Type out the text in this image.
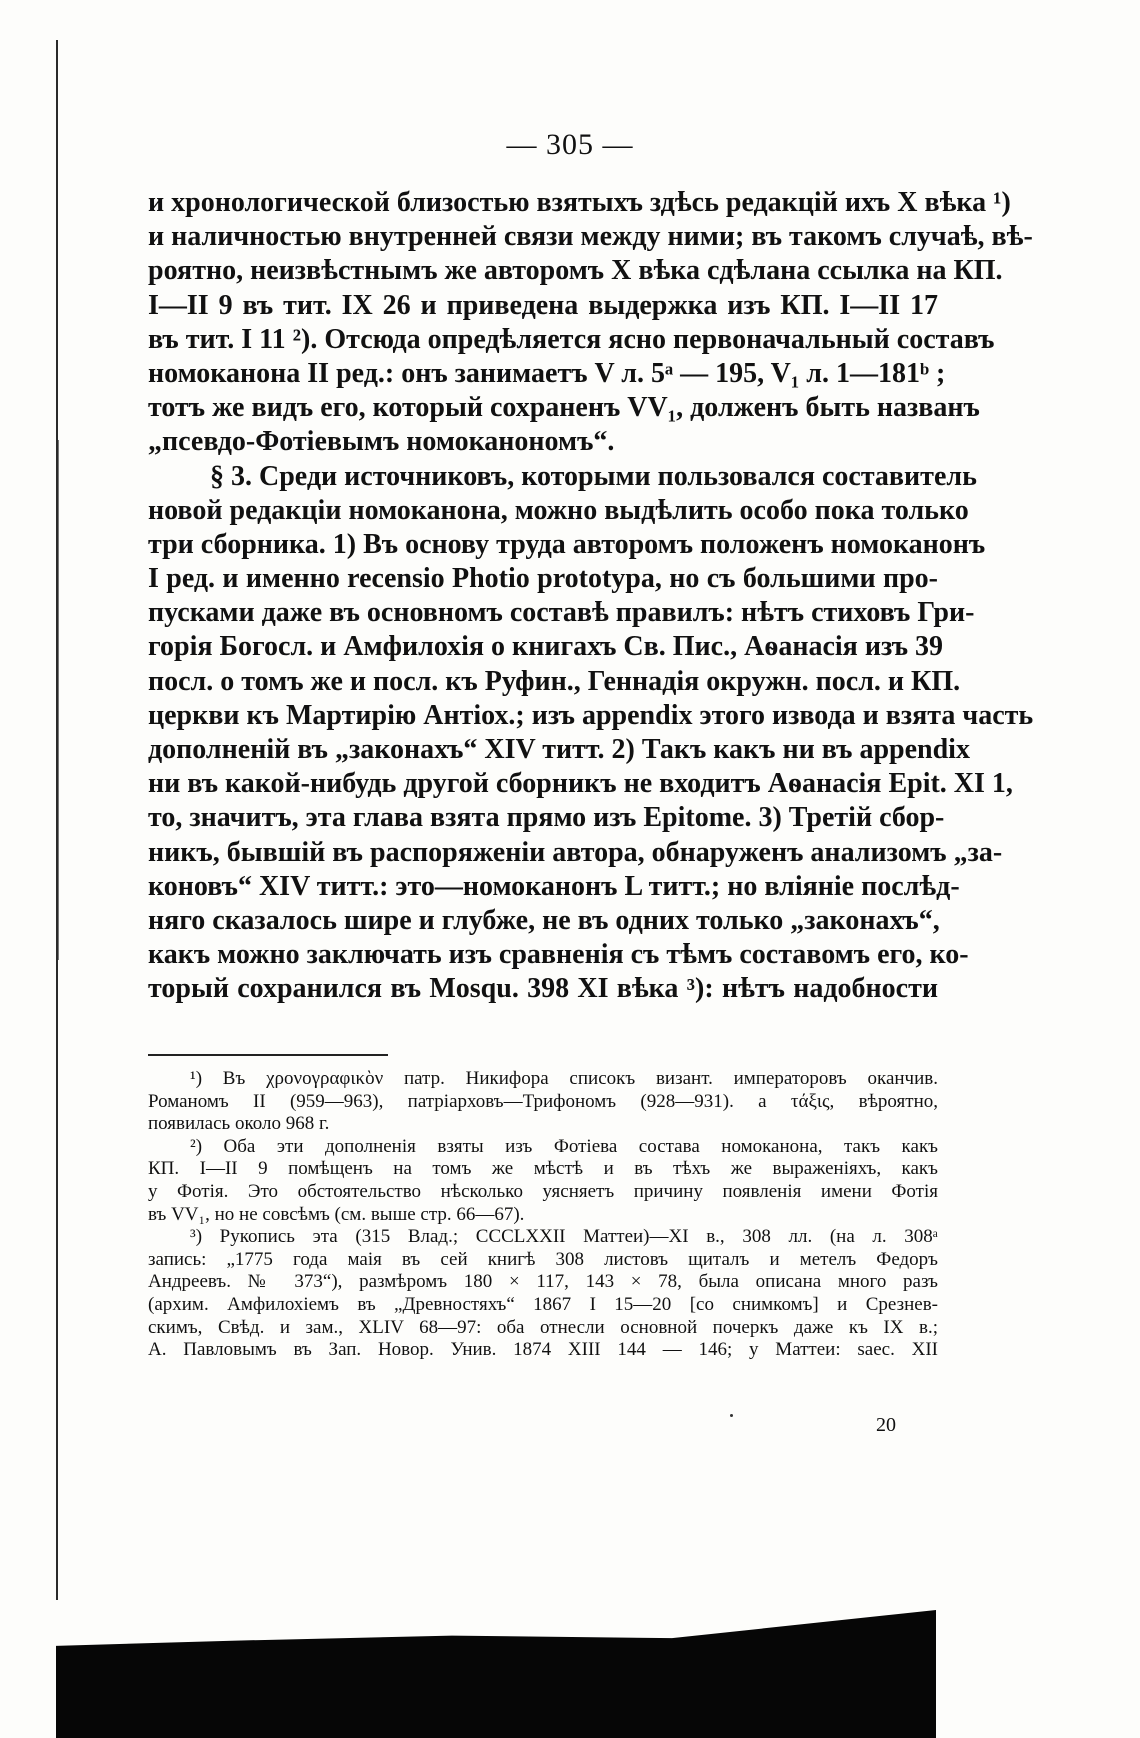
— 305 —
и хронологической близостью взятыхъ здѣсь редакцій ихъ X вѣка ¹)
и наличностью внутренней связи между ними; въ такомъ случаѣ, вѣ-
роятно, неизвѣстнымъ же авторомъ X вѣка сдѣлана ссылка на КП.
I—II 9 въ тит. IX 26 и приведена выдержка изъ КП. I—II 17
въ тит. I 11 ²). Отсюда опредѣляется ясно первоначальный составъ
номоканона II ред.: онъ занимаетъ V л. 5ᵃ — 195, V₁ л. 1—181ᵇ ;
тотъ же видъ его, который сохраненъ VV₁, долженъ быть названъ
„псевдо-Фотіевымъ номоканономъ“.
§ 3. Среди источниковъ, которыми пользовался составитель
новой редакціи номоканона, можно выдѣлить особо пока только
три сборника. 1) Въ основу труда авторомъ положенъ номоканонъ
I ред. и именно recensio Photio prototypa, но съ большими про-
пусками даже въ основномъ составѣ правилъ: нѣтъ стиховъ Гри-
горія Богосл. и Амфилохія о книгахъ Св. Пис., Аѳанасія изъ 39
посл. о томъ же и посл. къ Руфин., Геннадія окружн. посл. и КП.
церкви къ Мартирію Антіох.; изъ appendix этого извода и взята часть
дополненій въ „законахъ“ XIV титт. 2) Такъ какъ ни въ appendix
ни въ какой-нибудь другой сборникъ не входитъ Аѳанасія Epit. XI 1,
то, значитъ, эта глава взята прямо изъ Epitome. 3) Третій сбор-
никъ, бывшій въ распоряженіи автора, обнаруженъ анализомъ „за-
коновъ“ XIV титт.: это—номоканонъ L титт.; но вліяніе послѣд-
няго сказалось шире и глубже, не въ одних только „законахъ“,
какъ можно заключать изъ сравненія съ тѣмъ составомъ его, ко-
торый сохранился въ Mosqu. 398 XI вѣка ³): нѣтъ надобности
¹) Въ χρονογραφικὸν патр. Никифора списокъ визант. императоровъ оканчив.
Романомъ II (959—963), патріарховъ—Трифономъ (928—931). а τάξις, вѣроятно,
появилась около 968 г.
²) Оба эти дополненія взяты изъ Фотіева состава номоканона, такъ какъ
КП. I—II 9 помѣщенъ на томъ же мѣстѣ и въ тѣхъ же выраженіяхъ, какъ
у Фотія. Это обстоятельство нѣсколько уясняетъ причину появленія имени Фотія
въ VV₁, но не совсѣмъ (см. выше стр. 66—67).
³) Рукопись эта (315 Влад.; CCCLXXII Маттеи)—XI в., 308 лл. (на л. 308ᵃ
запись: „1775 года маія въ сей книгѣ 308 листовъ щиталъ и метелъ Федоръ
Андреевъ. № 373“), размѣромъ 180 × 117, 143 × 78, была описана много разъ
(архим. Амфилохіемъ въ „Древностяхъ“ 1867 I 15—20 [со снимкомъ] и Срезнев-
скимъ, Свѣд. и зам., XLIV 68—97: оба отнесли основной почеркъ даже къ IX в.;
А. Павловымъ въ Зап. Новор. Унив. 1874 XIII 144 — 146; у Маттеи: saec. XII
20
